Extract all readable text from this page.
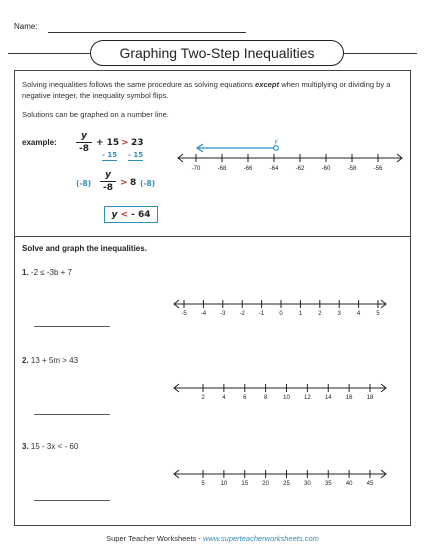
Name:
Graphing Two-Step Inequalities
Solving inequalities follows the same procedure as solving equations except when multiplying or dividing by a negative integer, the inequality symbol flips.
Solutions can be graphed on a number line.
example:
y
-8
+ 15 > 23
- 15 - 15
(-8)
y
-8 > 8 (-8)
y
<
- 64
y
-70	-68	-66	-64	-62	-60	-58	-56
Solve and graph the inequalities.
1. -2 ≤ -3b + 7
-5 -4 -3 -2 -1	0	1	2	3	4	5
2. 13 + 5m > 43
2	4	6	8	10 12 14 16 18
3. 15 - 3x < - 60
5	10 15 20 25 30 35 40 45
Super Teacher Worksheets - www.superteacherworksheets.com
